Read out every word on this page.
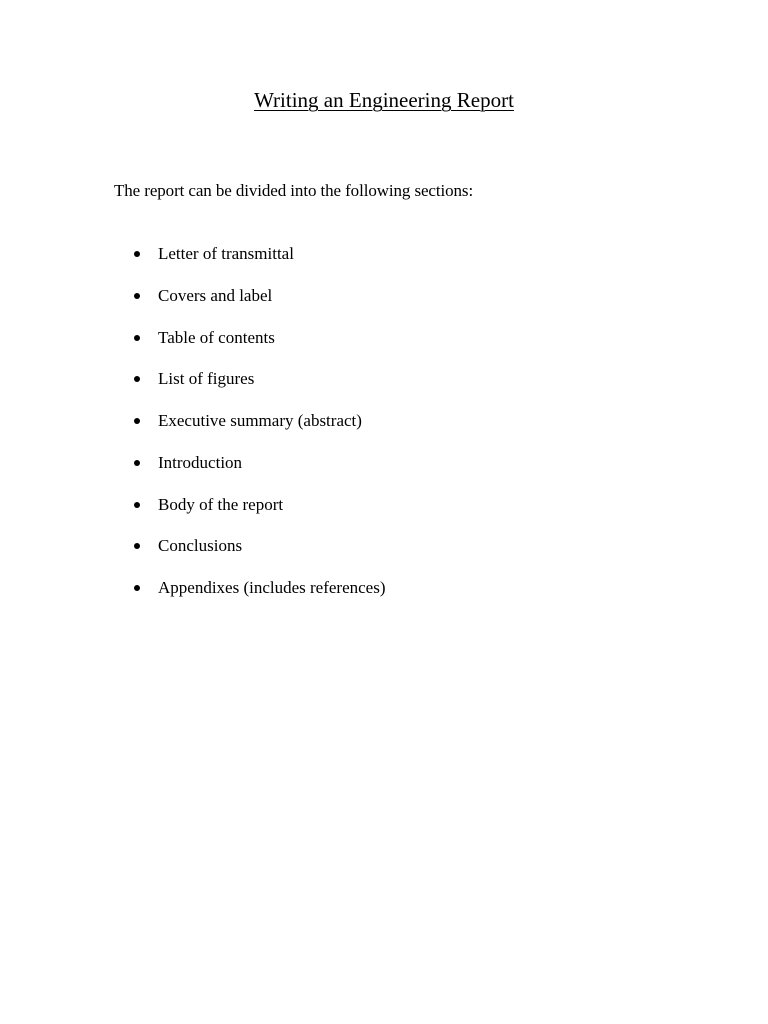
Writing an Engineering Report

The report can be divided into the following sections:

Letter of transmittal
Covers and label
Table of contents
List of figures
Executive summary (abstract)
Introduction
Body of the report
Conclusions
Appendixes (includes references)
